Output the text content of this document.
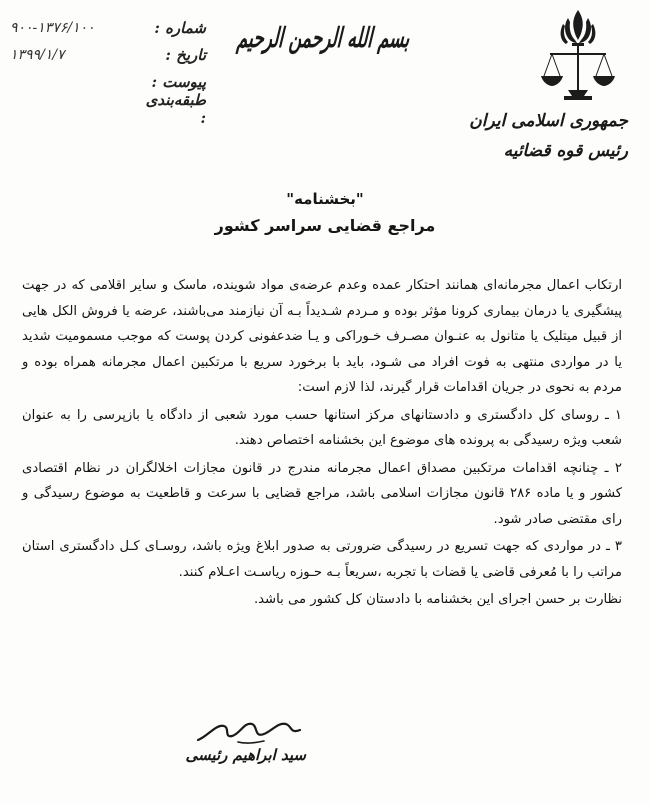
شماره :
۹۰۰-۱۳۷۶/۱۰۰
تاریخ :
۱۳۹۹/۱/۷
پیوست :
طبقه‌بندی :
بسم الله الرحمن الرحیم
جمهوری اسلامی ایران
رئیس قوه قضائیه
"بخشنامه"
مراجع قضایی سراسر کشور

ارتکاب اعمال مجرمانه‌ای همانند احتکار عمده وعدم عرضه‌ی مواد شوینده، ماسک و سایر اقلامی که در جهت پیشگیری یا درمان بیماری کرونا مؤثر بوده و مـردم شـدیداً بـه آن نیازمند می‌باشند، عرضه یا فروش الکل هایی از قبیل میتلیک یا متانول به عنـوان مصـرف خـوراکی و یـا ضدعفونی کردن پوست که موجب مسمومیت شدید یا در مواردی منتهی به فوت افراد می شـود، باید با برخورد سریع با مرتکبین اعمال مجرمانه همراه بوده و مردم به نحوی در جریان اقدامات قرار گیرند، لذا لازم است:

۱ ـ روسای کل دادگستری و دادستانهای مرکز استانها حسب مورد شعبی از دادگاه یا بازپرسی را به عنوان شعب ویژه رسیدگی به پرونده های موضوع این بخشنامه اختصاص دهند.

۲ ـ چنانچه اقدامات مرتکبین مصداق اعمال مجرمانه مندرج در قانون مجازات اخلالگران در نظام اقتصادی کشور و یا ماده ۲۸۶ قانون مجازات اسلامی باشد، مراجع قضایی با سرعت و قاطعیت به موضوع رسیدگی و رای مقتضی صادر شود.

۳ ـ در مواردی که جهت تسریع در رسیدگی ضرورتی به صدور ابلاغ ویژه باشد، روسـای کـل دادگستری استان مراتب را با مُعرفی قاضی یا قضات با تجربه ،سریعاً بـه حـوزه ریاسـت اعـلام کنند.

نظارت بر حسن اجرای این بخشنامه با دادستان کل کشور می باشد.

سید ابراهیم رئیسی
